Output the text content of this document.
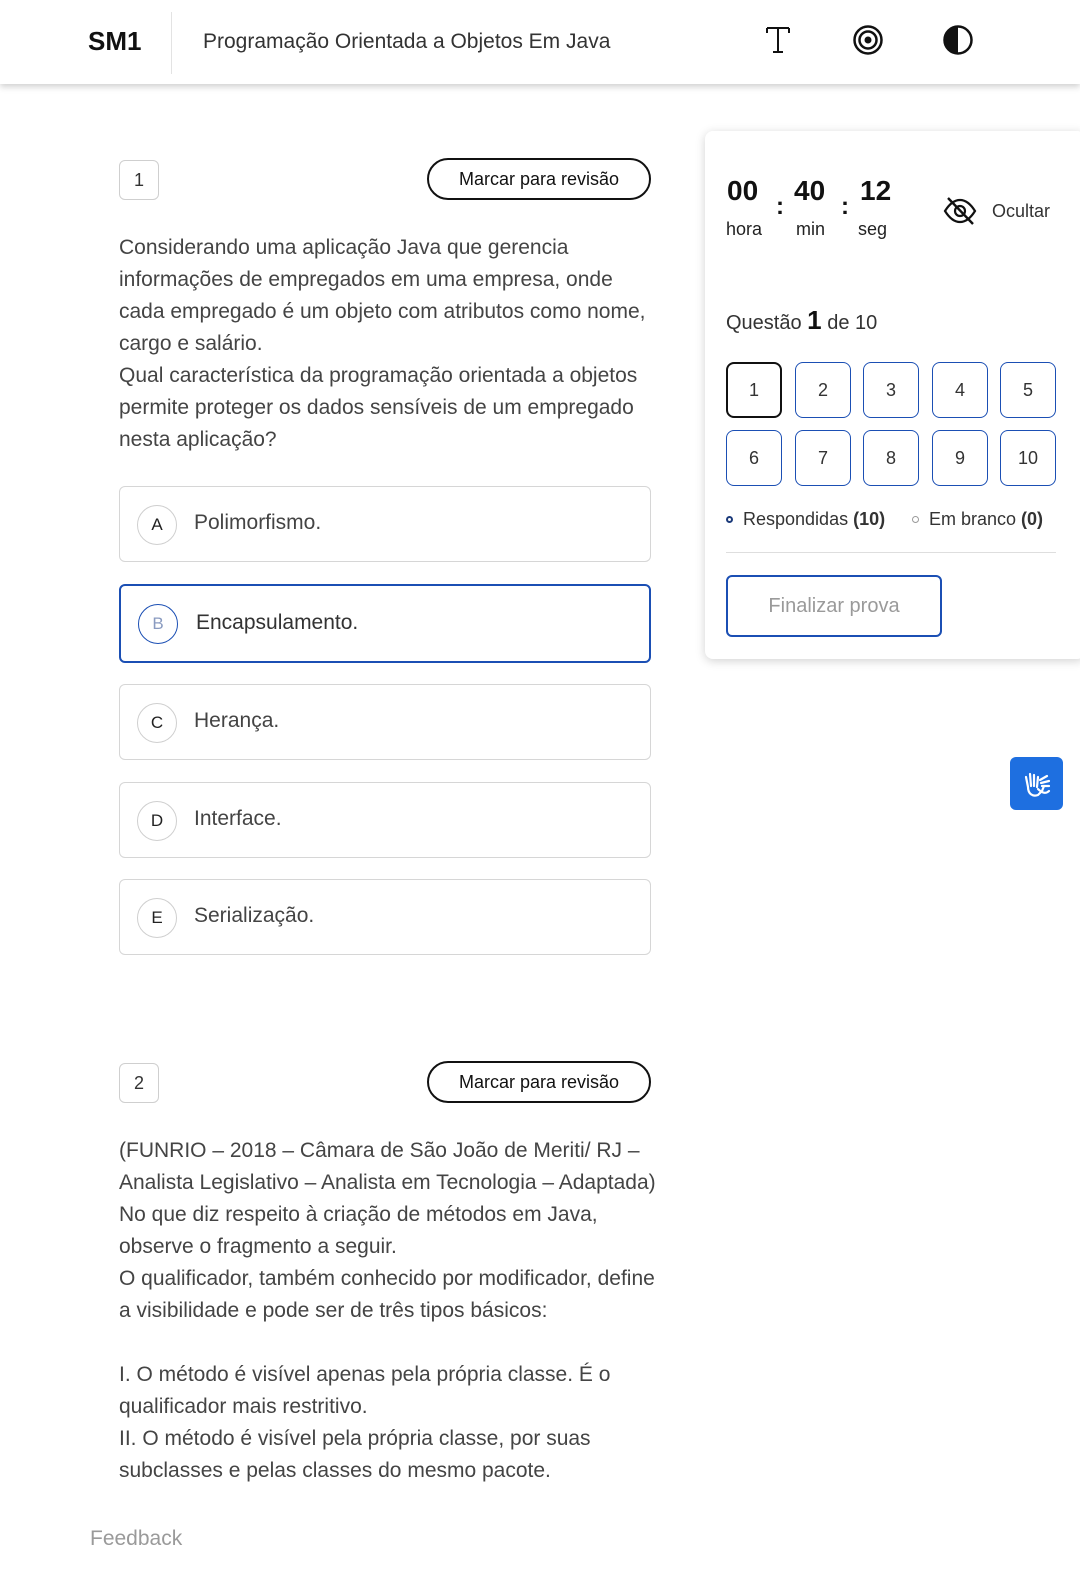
SM1	Programação Orientada a Objetos Em Java
1	Marcar para revisão

Considerando uma aplicação Java que gerencia informações de empregados em uma empresa, onde cada empregado é um objeto com atributos como nome, cargo e salário.

Qual característica da programação orientada a objetos permite proteger os dados sensíveis de um empregado nesta aplicação?

A	Polimorfismo.
B	Encapsulamento.
C	Herança.
D	Interface.
E	Serialização.
2	Marcar para revisão

(FUNRIO – 2018 – Câmara de São João de Meriti/ RJ – Analista Legislativo – Analista em Tecnologia – Adaptada)

No que diz respeito à criação de métodos em Java, observe o fragmento a seguir.

O qualificador, também conhecido por modificador, define a visibilidade e pode ser de três tipos básicos:

I. O método é visível apenas pela própria classe. É o qualificador mais restritivo.

II. O método é visível pela própria classe, por suas subclasses e pelas classes do mesmo pacote.

00
hora
:
40
min
:
12
seg
Ocultar
Questão 1 de 10
1	2	3	4	5
6	7	8	9	10
Respondidas (10) Em branco (0)
Finalizar prova
Feedback
